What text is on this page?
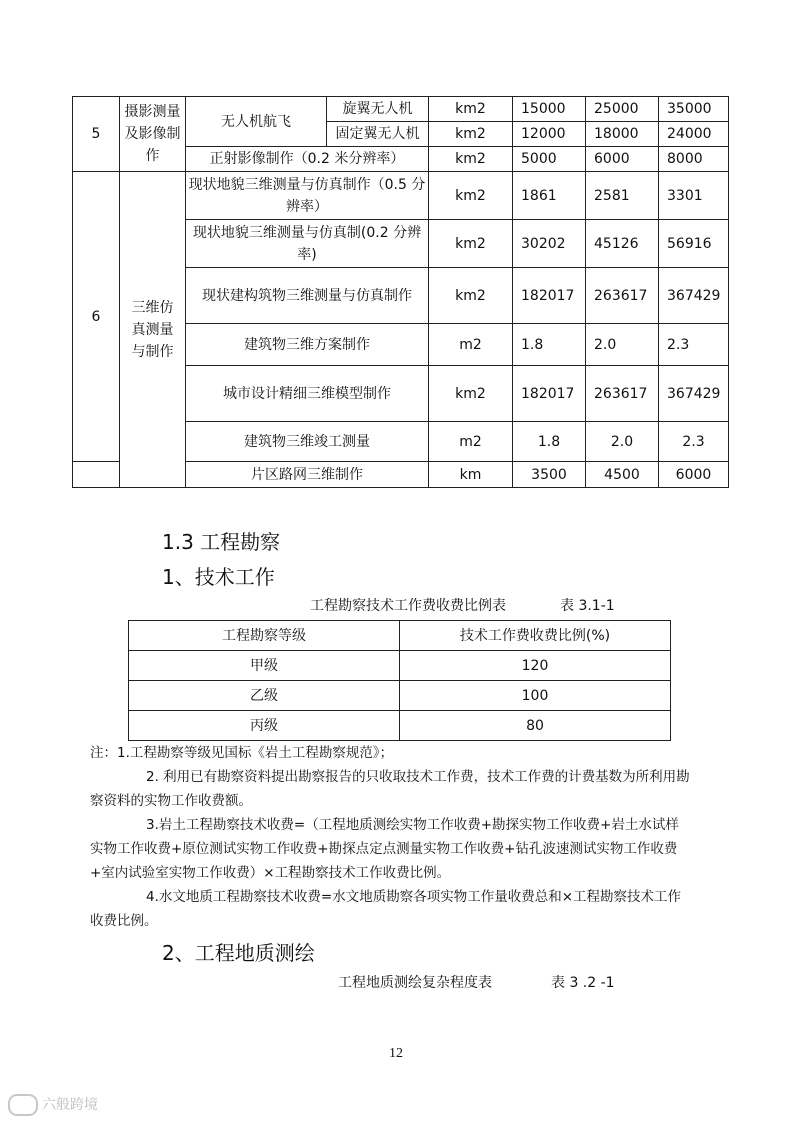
5	摄影测量及影像制作	无人机航飞	旋翼无人机	km2	15000	25000	35000
			固定翼无人机	km2	12000	18000	24000
		正射影像制作（0.2 米分辨率）		km2	5000	6000	8000
6	三维仿真测量与制作	现状地貌三维测量与仿真制作（0.5 分辨率）		km2	1861	2581	3301
		现状地貌三维测量与仿真制(0.2 分辨率)		km2	30202	45126	56916
		现状建构筑物三维测量与仿真制作		km2	182017	263617	367429
		建筑物三维方案制作		m2	1.8	2.0	2.3
		城市设计精细三维模型制作		km2	182017	263617	367429
		建筑物三维竣工测量		m2	1.8	2.0	2.3
		片区路网三维制作		km	3500	4500	6000
1.3 工程勘察
1、技术工作
工程勘察技术工作费收费比例表	表 3.1-1
工程勘察等级	技术工作费收费比例(%)
甲级	120
乙级	100
丙级	80
注：1.工程勘察等级见国标《岩土工程勘察规范》；
2. 利用已有勘察资料提出勘察报告的只收取技术工作费，技术工作费的计费基数为所利用勘察资料的实物工作收费额。
3.岩土工程勘察技术收费=（工程地质测绘实物工作收费+勘探实物工作收费+岩土水试样实物工作收费+原位测试实物工作收费+勘探点定点测量实物工作收费+钻孔波速测试实物工作收费+室内试验室实物工作收费）×工程勘察技术工作收费比例。
4.水文地质工程勘察技术收费=水文地质勘察各项实物工作量收费总和×工程勘察技术工作收费比例。
2、工程地质测绘
工程地质测绘复杂程度表	表 3 .2 -1
12
六般跨境
